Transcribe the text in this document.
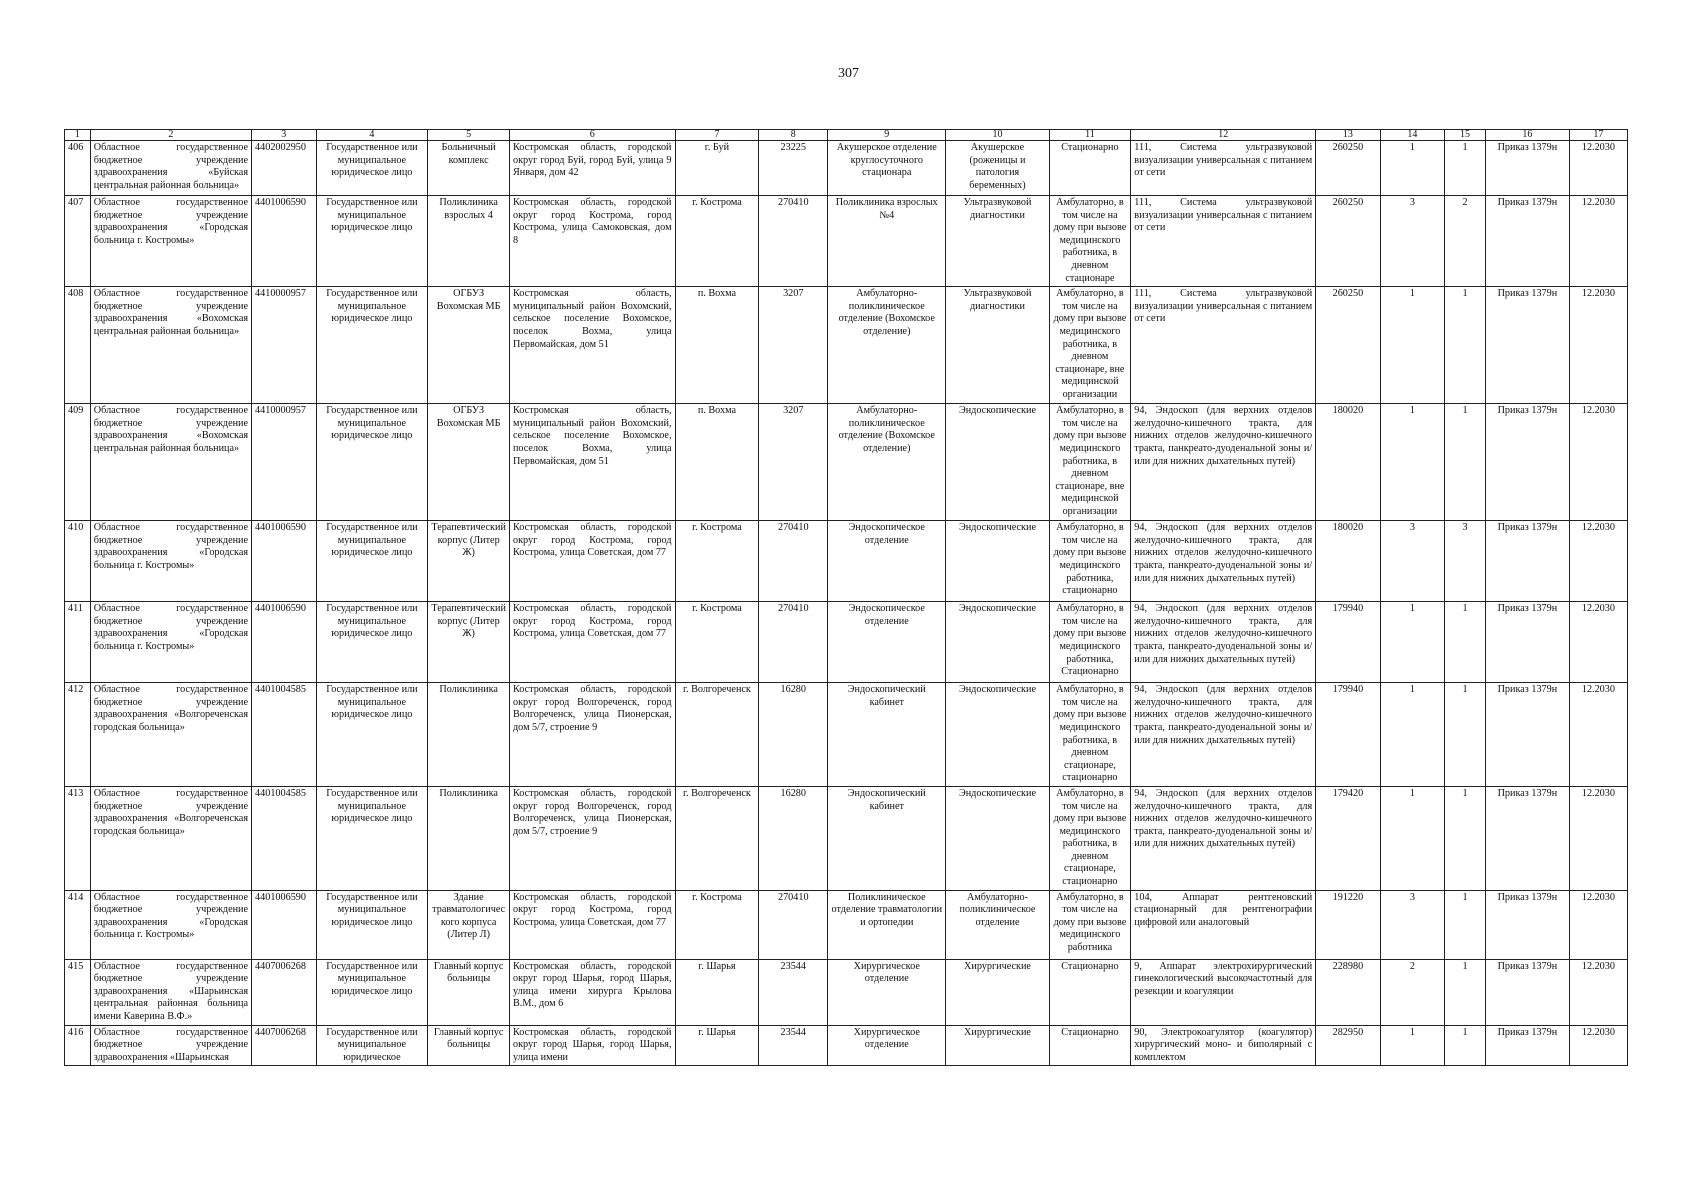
307
1	2	3	4	5	6	7	8	9	10	11	12	13	14	15	16	17
406	Областное государственное бюджетное учреждение здравоохранения «Буйская центральная районная больница»	4402002950	Государственное или муниципальное юридическое лицо	Больничный комплекс	Костромская область, городской округ город Буй, город Буй, улица 9 Января, дом 42	г. Буй	23225	Акушерское отделение круглосуточного стационара	Акушерское (роженицы и патология беременных)	Стационарно	111, Система ультразвуковой визуализации универсальная с питанием от сети	260250	1	1	Приказ 1379н	12.2030
407	Областное государственное бюджетное учреждение здравоохранения «Городская больница г. Костромы»	4401006590	Государственное или муниципальное юридическое лицо	Поликлиника взрослых 4	Костромская область, городской округ город Кострома, город Кострома, улица Самоковская, дом 8	г. Кострома	270410	Поликлиника взрослых №4	Ультразвуковой диагностики	Амбулаторно, в том числе на дому при вызове медицинского работника, в дневном стационаре	111, Система ультразвуковой визуализации универсальная с питанием от сети	260250	3	2	Приказ 1379н	12.2030
408	Областное государственное бюджетное учреждение здравоохранения «Вохомская центральная районная больница»	4410000957	Государственное или муниципальное юридическое лицо	ОГБУЗ Вохомская МБ	Костромская область, муниципальный район Вохомский, сельское поселение Вохомское, поселок Вохма, улица Первомайская, дом 51	п. Вохма	3207	Амбулаторно-поликлиническое отделение (Вохомское отделение)	Ультразвуковой диагностики	Амбулаторно, в том числе на дому при вызове медицинского работника, в дневном стационаре, вне медицинской организации	111, Система ультразвуковой визуализации универсальная с питанием от сети	260250	1	1	Приказ 1379н	12.2030
409	Областное государственное бюджетное учреждение здравоохранения «Вохомская центральная районная больница»	4410000957	Государственное или муниципальное юридическое лицо	ОГБУЗ Вохомская МБ	Костромская область, муниципальный район Вохомский, сельское поселение Вохомское, поселок Вохма, улица Первомайская, дом 51	п. Вохма	3207	Амбулаторно-поликлиническое отделение (Вохомское отделение)	Эндоскопические	Амбулаторно, в том числе на дому при вызове медицинского работника, в дневном стационаре, вне медицинской организации	94, Эндоскоп (для верхних отделов желудочно-кишечного тракта, для нижних отделов желудочно-кишечного тракта, панкреато-дуоденальной зоны и/или для нижних дыхательных путей)	180020	1	1	Приказ 1379н	12.2030
410	Областное государственное бюджетное учреждение здравоохранения «Городская больница г. Костромы»	4401006590	Государственное или муниципальное юридическое лицо	Терапевтический корпус (Литер Ж)	Костромская область, городской округ город Кострома, город Кострома, улица Советская, дом 77	г. Кострома	270410	Эндоскопическое отделение	Эндоскопические	Амбулаторно, в том числе на дому при вызове медицинского работника, стационарно	94, Эндоскоп (для верхних отделов желудочно-кишечного тракта, для нижних отделов желудочно-кишечного тракта, панкреато-дуоденальной зоны и/или для нижних дыхательных путей)	180020	3	3	Приказ 1379н	12.2030
411	Областное государственное бюджетное учреждение здравоохранения «Городская больница г. Костромы»	4401006590	Государственное или муниципальное юридическое лицо	Терапевтический корпус (Литер Ж)	Костромская область, городской округ город Кострома, город Кострома, улица Советская, дом 77	г. Кострома	270410	Эндоскопическое отделение	Эндоскопические	Амбулаторно, в том числе на дому при вызове медицинского работника, Стационарно	94, Эндоскоп (для верхних отделов желудочно-кишечного тракта, для нижних отделов желудочно-кишечного тракта, панкреато-дуоденальной зоны и/или для нижних дыхательных путей)	179940	1	1	Приказ 1379н	12.2030
412	Областное государственное бюджетное учреждение здравоохранения «Волгореченская городская больница»	4401004585	Государственное или муниципальное юридическое лицо	Поликлиника	Костромская область, городской округ город Волгореченск, город Волгореченск, улица Пионерская, дом 5/7, строение 9	г. Волгореченск	16280	Эндоскопический кабинет	Эндоскопические	Амбулаторно, в том числе на дому при вызове медицинского работника, в дневном стационаре, стационарно	94, Эндоскоп (для верхних отделов желудочно-кишечного тракта, для нижних отделов желудочно-кишечного тракта, панкреато-дуоденальной зоны и/или для нижних дыхательных путей)	179940	1	1	Приказ 1379н	12.2030
413	Областное государственное бюджетное учреждение здравоохранения «Волгореченская городская больница»	4401004585	Государственное или муниципальное юридическое лицо	Поликлиника	Костромская область, городской округ город Волгореченск, город Волгореченск, улица Пионерская, дом 5/7, строение 9	г. Волгореченск	16280	Эндоскопический кабинет	Эндоскопические	Амбулаторно, в том числе на дому при вызове медицинского работника, в дневном стационаре, стационарно	94, Эндоскоп (для верхних отделов желудочно-кишечного тракта, для нижних отделов желудочно-кишечного тракта, панкреато-дуоденальной зоны и/или для нижних дыхательных путей)	179420	1	1	Приказ 1379н	12.2030
414	Областное государственное бюджетное учреждение здравоохранения «Городская больница г. Костромы»	4401006590	Государственное или муниципальное юридическое лицо	Здание травматологического корпуса (Литер Л)	Костромская область, городской округ город Кострома, город Кострома, улица Советская, дом 77	г. Кострома	270410	Поликлиническое отделение травматологии и ортопедии	Амбулаторно-поликлиническое отделение	Амбулаторно, в том числе на дому при вызове медицинского работника	104, Аппарат рентгеновский стационарный для рентгенографии цифровой или аналоговый	191220	3	1	Приказ 1379н	12.2030
415	Областное государственное бюджетное учреждение здравоохранения «Шарьинская центральная районная больница имени Каверина В.Ф.»	4407006268	Государственное или муниципальное юридическое лицо	Главный корпус больницы	Костромская область, городской округ город Шарья, город Шарья, улица имени хирурга Крылова В.М., дом 6	г. Шарья	23544	Хирургическое отделение	Хирургические	Стационарно	9, Аппарат электрохирургический гинекологический высокочастотный для резекции и коагуляции	228980	2	1	Приказ 1379н	12.2030
416	Областное государственное бюджетное учреждение здравоохранения «Шарьинская	4407006268	Государственное или муниципальное юридическое	Главный корпус больницы	Костромская область, городской округ город Шарья, город Шарья, улица имени	г. Шарья	23544	Хирургическое отделение	Хирургические	Стационарно	90, Электрокоагулятор (коагулятор) хирургический моно- и биполярный с комплектом	282950	1	1	Приказ 1379н	12.2030
